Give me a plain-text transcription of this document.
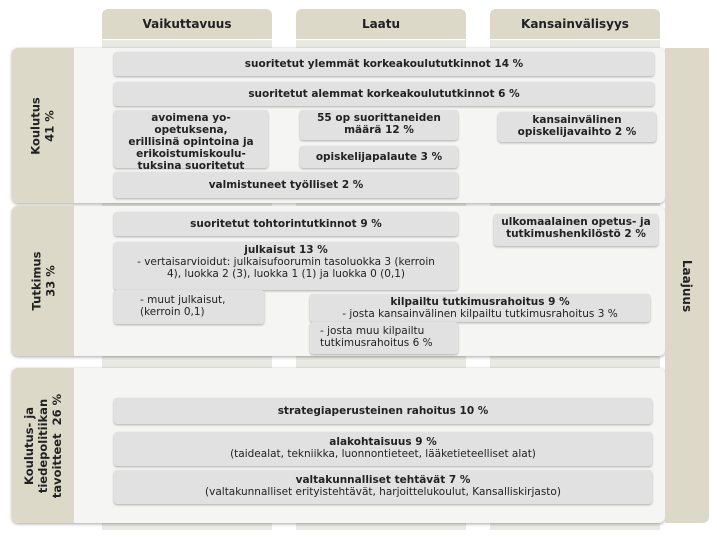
Vaikuttavuus	Laatu	Kansainvälisyys
Koulutus
41 %
Tutkimus
33 %
Koulutus- ja
tiedepolitiikan
tavoitteet  26 %
Laajuus
suoritetut ylemmät korkeakoulututkinnot 14 %
suoritetut alemmat korkeakoulututkinnot 6 %
avoimena yo-opetuksena,
erillisinä opintoina ja
erikoistumiskoulu-
tuksina suoritetut

55 op suorittaneiden
määrä 12 %
kansainvälinen
opiskelijavaihto 2 %
opiskelijapalaute 3 %
valmistuneet työlliset 2 %
suoritetut tohtorintutkinnot 9 %	ulkomaalainen opetus- ja
tutkimushenkilöstö 2 %
julkaisut 13 %
- vertaisarvioidut: julkaisufoorumin tasoluokka 3 (kerroin
4), luokka 2 (3), luokka 1 (1) ja luokka 0 (0,1)
- muut julkaisut,
(kerroin 0,1)
kilpailtu tutkimusrahoitus 9 %
- josta kansainvälinen kilpailtu tutkimusrahoitus 3 %
- josta muu kilpailtu
tutkimusrahoitus 6 %
strategiaperusteinen rahoitus 10 %
alakohtaisuus 9 %
(taidealat, tekniikka, luonnontieteet, lääketieteelliset alat)
valtakunnalliset tehtävät 7 %
(valtakunnalliset erityistehtävät, harjoittelukoulut, Kansalliskirjasto)
